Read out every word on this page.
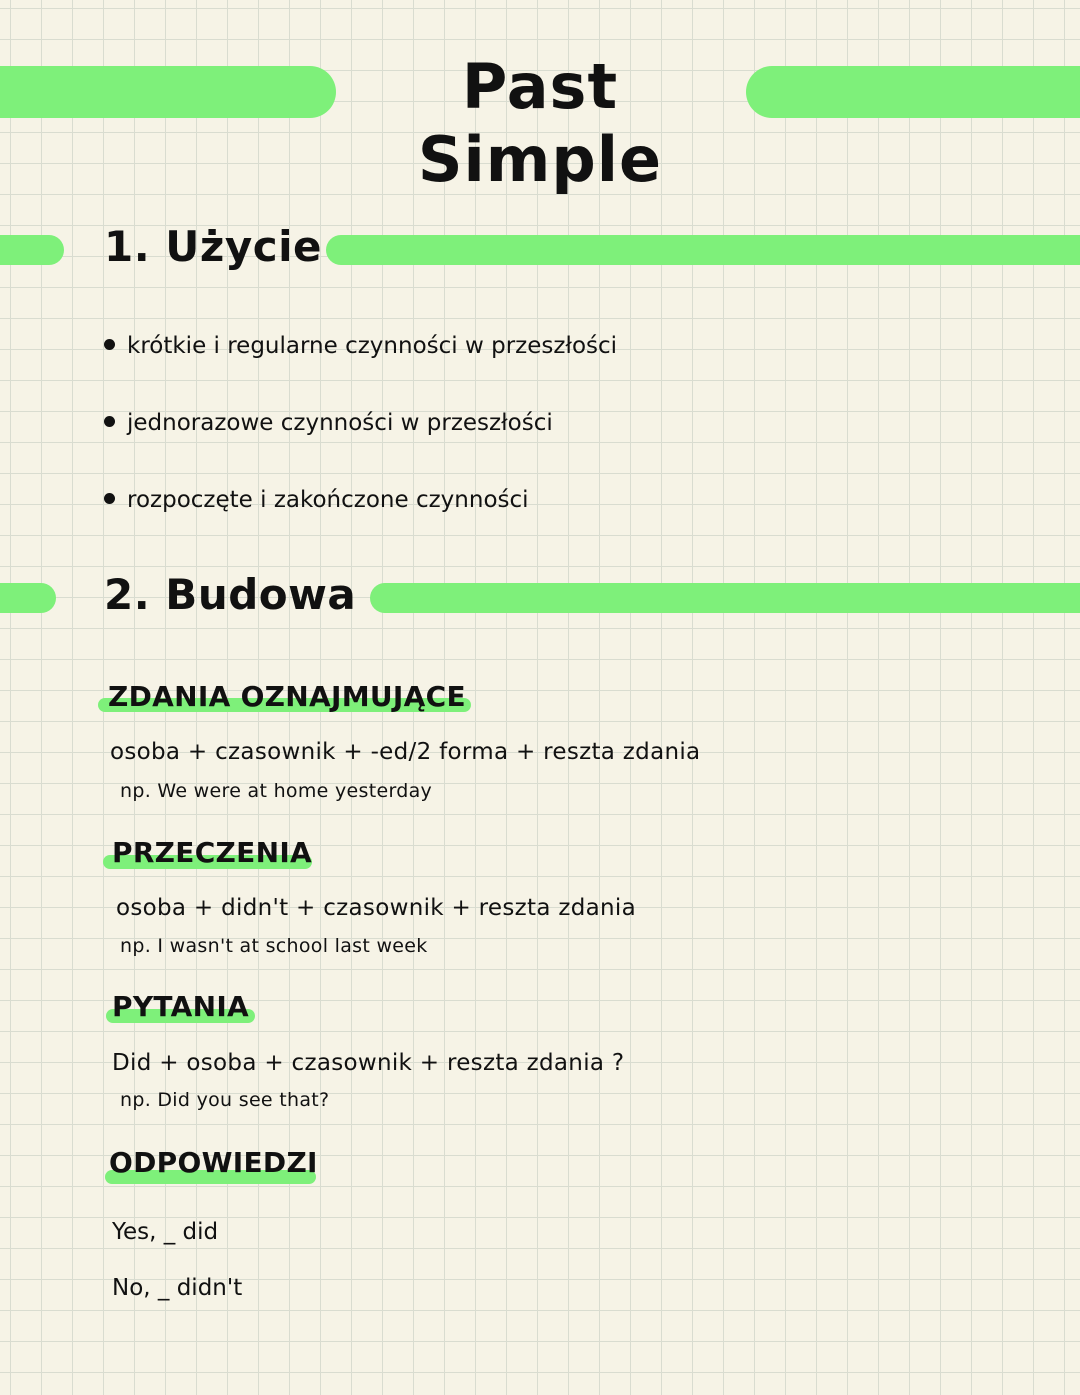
Past Simple
1. Użycie

krótkie i regularne czynności w przeszłości

jednorazowe czynności w przeszłości

rozpoczęte i zakończone czynności

2. Budowa
ZDANIA OZNAJMUJĄCE

osoba + czasownik + -ed/2 forma + reszta zdania

np. We were at home yesterday

PRZECZENIA

osoba + didn't + czasownik + reszta zdania

np. I wasn't at school last week

PYTANIA

Did + osoba + czasownik + reszta zdania ?

np. Did you see that?

ODPOWIEDZI

Yes, _ did

No, _ didn't
